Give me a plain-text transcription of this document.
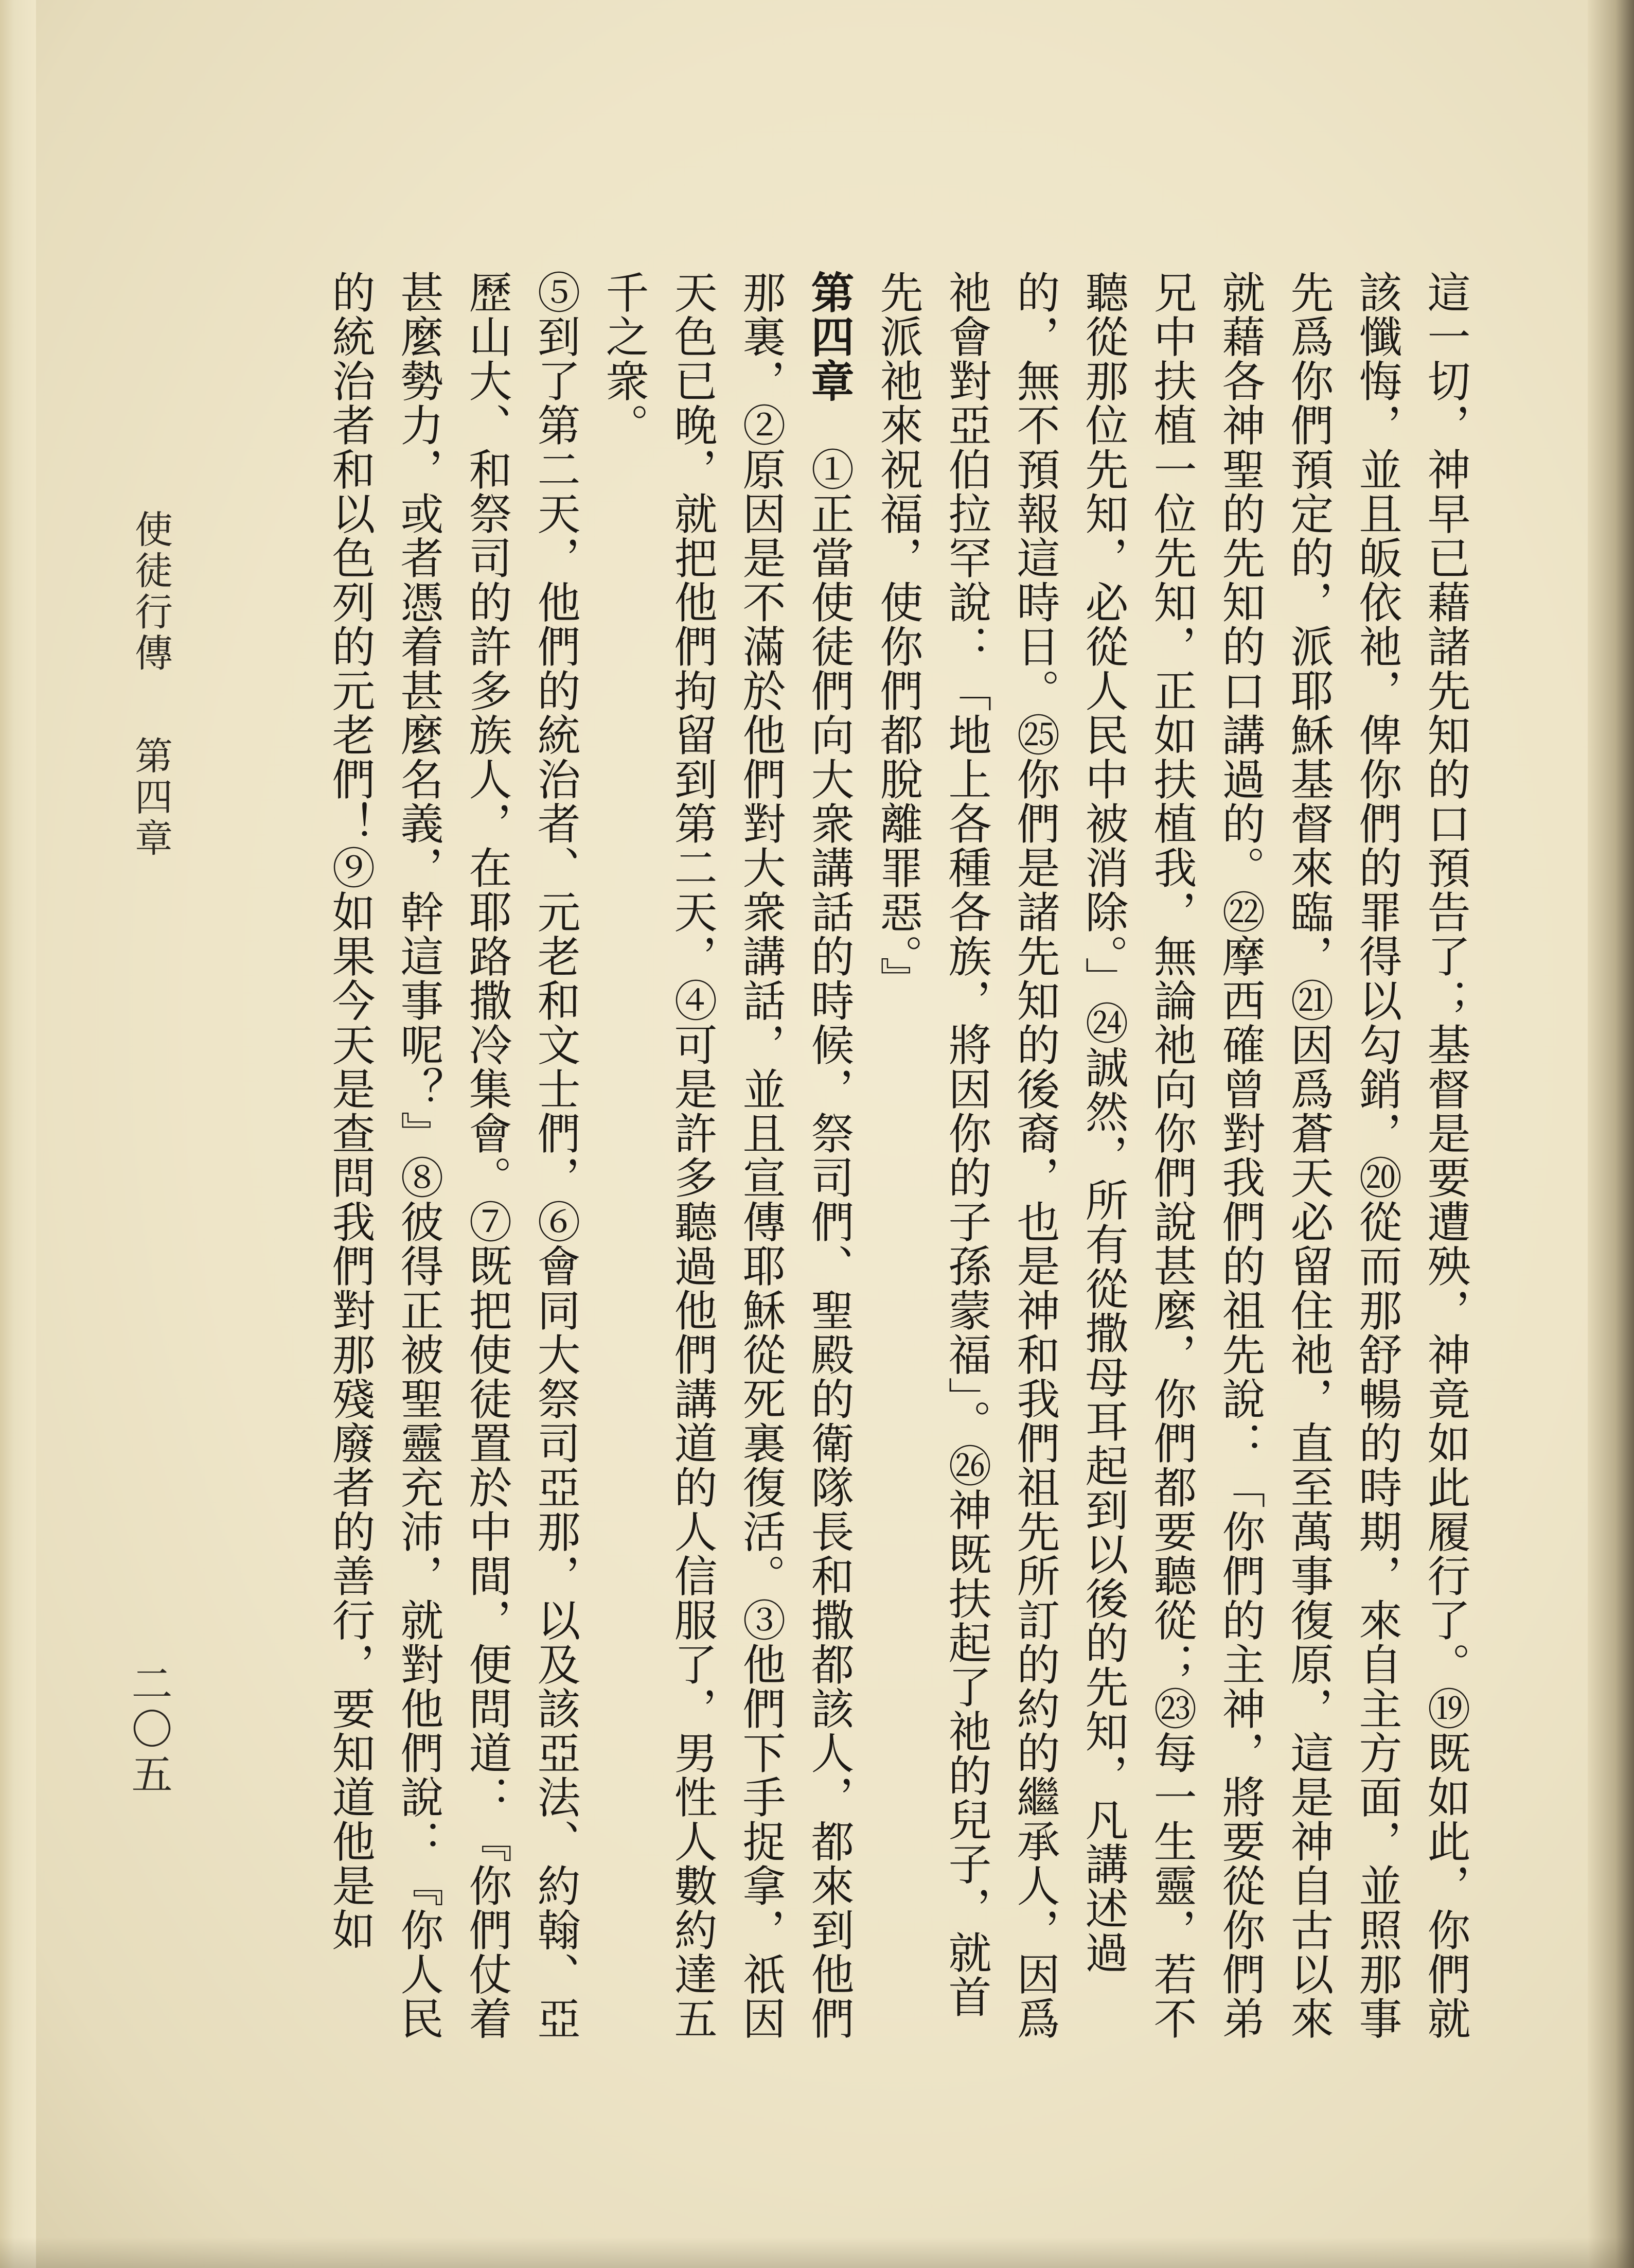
這一切，神早已藉諸先知的口預告了；基督是要遭殃，神竟如此履行了。⑲既如此，你們就該懺悔，並且皈依祂，俾你們的罪得以勾銷，⑳從而那舒暢的時期，來自主方面，並照那事先爲你們預定的，派耶穌基督來臨，㉑因爲蒼天必留住祂，直至萬事復原，這是神自古以來就藉各神聖的先知的口講過的。㉒摩西確曾對我們的祖先說：「你們的主神，將要從你們弟兄中扶植一位先知，正如扶植我，無論祂向你們說甚麼，你們都要聽從；㉓每一生靈，若不聽從那位先知，必從人民中被消除。」㉔誠然，所有從撒母耳起到以後的先知，凡講述過的，無不預報這時日。㉕你們是諸先知的後裔，也是神和我們祖先所訂的約的繼承人，因爲祂會對亞伯拉罕說：「地上各種各族，將因你的子孫蒙福」。㉖神既扶起了祂的兒子，就首先派祂來祝福，使你們都脫離罪惡。』
第四章　①正當使徒們向大衆講話的時候，祭司們、聖殿的衛隊長和撒都該人，都來到他們那裏，②原因是不滿於他們對大衆講話，並且宣傳耶穌從死裏復活。③他們下手捉拿，祇因天色已晚，就把他們拘留到第二天，④可是許多聽過他們講道的人信服了，男性人數約達五千之衆。
⑤到了第二天，他們的統治者、元老和文士們，⑥會同大祭司亞那，以及該亞法、約翰、亞歷山大、和祭司的許多族人，在耶路撒冷集會。⑦既把使徒置於中間，便問道：『你們仗着甚麼勢力，或者憑着甚麼名義，幹這事呢？』⑧彼得正被聖靈充沛，就對他們說：『你人民的統治者和以色列的元老們！⑨如果今天是查問我們對那殘廢者的善行，要知道他是如
使徒行傳第四章
二〇五
